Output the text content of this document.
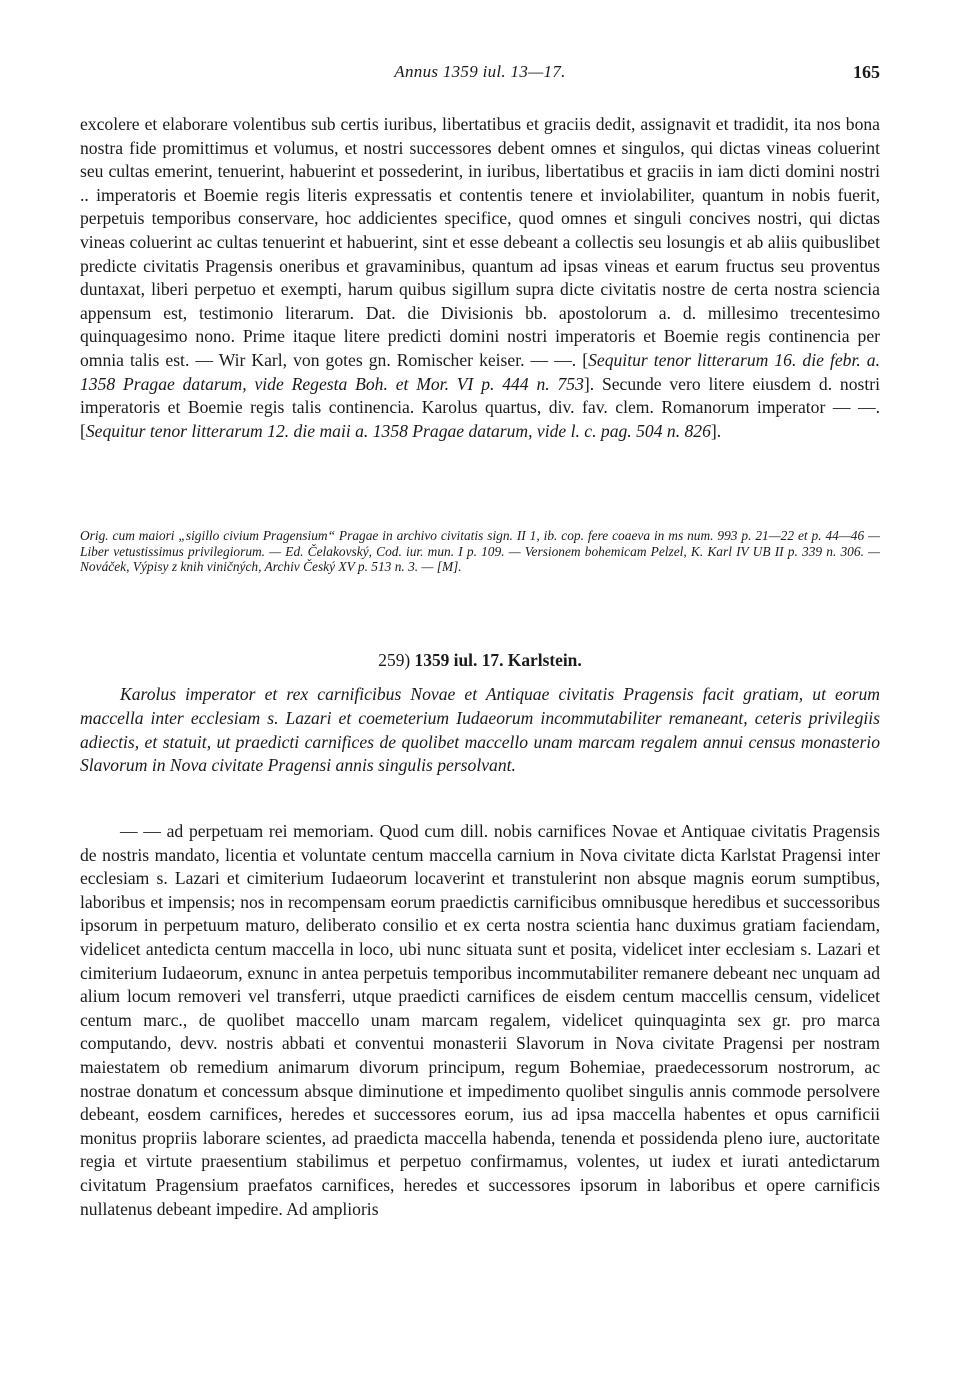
Annus 1359 iul. 13—17.	165

excolere et elaborare volentibus sub certis iuribus, libertatibus et graciis dedit, assignavit et tradidit, ita nos bona nostra fide promittimus et volumus, et nostri successores debent omnes et singulos, qui dictas vineas coluerint seu cultas emerint, tenuerint, habuerint et possederint, in iuribus, libertatibus et graciis in iam dicti domini nostri .. imperatoris et Boemie regis literis expressatis et contentis tenere et inviolabiliter, quantum in nobis fuerit, perpetuis temporibus conservare, hoc addicientes specifice, quod omnes et singuli concives nostri, qui dictas vineas coluerint ac cultas tenuerint et habuerint, sint et esse debeant a collectis seu losungis et ab aliis quibuslibet predicte civitatis Pragensis oneribus et gravaminibus, quantum ad ipsas vineas et earum fructus seu proventus duntaxat, liberi perpetuo et exempti, harum quibus sigillum supra dicte civitatis nostre de certa nostra sciencia appensum est, testimonio literarum. Dat. die Divisionis bb. apostolorum a. d. millesimo trecentesimo quinquagesimo nono. Prime itaque litere predicti domini nostri imperatoris et Boemie regis continencia per omnia talis est. — Wir Karl, von gotes gn. Romischer keiser. — —. [Sequitur tenor litterarum 16. die febr. a. 1358 Pragae datarum, vide Regesta Boh. et Mor. VI p. 444 n. 753]. Secunde vero litere eiusdem d. nostri imperatoris et Boemie regis talis continencia. Karolus quartus, div. fav. clem. Romanorum imperator — —. [Sequitur tenor litterarum 12. die maii a. 1358 Pragae datarum, vide l. c. pag. 504 n. 826].

Orig. cum maiori „sigillo civium Pragensium“ Pragae in archivo civitatis sign. II 1, ib. cop. fere coaeva in ms num. 993 p. 21—22 et p. 44—46 — Liber vetustissimus privilegiorum. — Ed. Čelakovský, Cod. iur. mun. I p. 109. — Versionem bohemicam Pelzel, K. Karl IV UB II p. 339 n. 306. — Nováček, Výpisy z knih viničných, Archiv Český XV p. 513 n. 3. — [M].

259) 1359 iul. 17. Karlstein.

Karolus imperator et rex carnificibus Novae et Antiquae civitatis Pragensis facit gratiam, ut eorum maccella inter ecclesiam s. Lazari et coemeterium Iudaeorum incommutabiliter remaneant, ceteris privilegiis adiectis, et statuit, ut praedicti carnifices de quolibet maccello unam marcam regalem annui census monasterio Slavorum in Nova civitate Pragensi annis singulis persolvant.

— — ad perpetuam rei memoriam. Quod cum dill. nobis carnifices Novae et Antiquae civitatis Pragensis de nostris mandato, licentia et voluntate centum maccella carnium in Nova civitate dicta Karlstat Pragensi inter ecclesiam s. Lazari et cimiterium Iudaeorum locaverint et transtulerint non absque magnis eorum sumptibus, laboribus et impensis; nos in recompensam eorum praedictis carnificibus omnibusque heredibus et successoribus ipsorum in perpetuum maturo, deliberato consilio et ex certa nostra scientia hanc duximus gratiam faciendam, videlicet antedicta centum maccella in loco, ubi nunc situata sunt et posita, videlicet inter ecclesiam s. Lazari et cimiterium Iudaeorum, exnunc in antea perpetuis temporibus incommutabiliter remanere debeant nec unquam ad alium locum removeri vel transferri, utque praedicti carnifices de eisdem centum maccellis censum, videlicet centum marc., de quolibet maccello unam marcam regalem, videlicet quinquaginta sex gr. pro marca computando, devv. nostris abbati et conventui monasterii Slavorum in Nova civitate Pragensi per nostram maiestatem ob remedium animarum divorum principum, regum Bohemiae, praedecessorum nostrorum, ac nostrae donatum et concessum absque diminutione et impedimento quolibet singulis annis commode persolvere debeant, eosdem carnifices, heredes et successores eorum, ius ad ipsa maccella habentes et opus carnificii monitus propriis laborare scientes, ad praedicta maccella habenda, tenenda et possidenda pleno iure, auctoritate regia et virtute praesentium stabilimus et perpetuo confirmamus, volentes, ut iudex et iurati antedictarum civitatum Pragensium praefatos carnifices, heredes et successores ipsorum in laboribus et opere carnificis nullatenus debeant impedire. Ad amplioris
